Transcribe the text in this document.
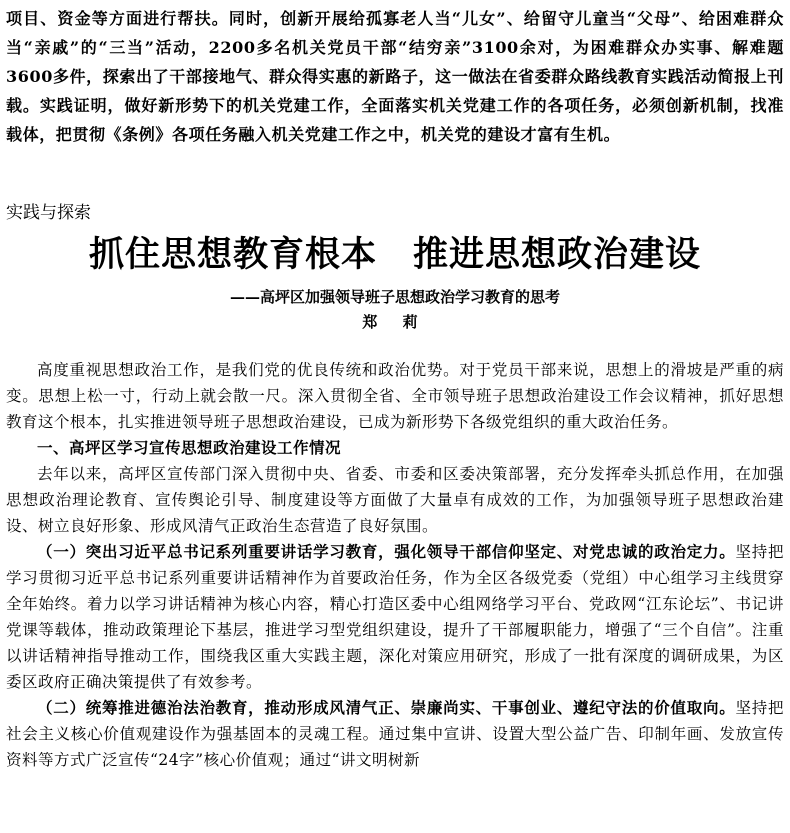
项目、资金等方面进行帮扶。同时，创新开展给孤寡老人当“儿女”、给留守儿童当“父母”、给困难群众当“亲戚”的“三当”活动，2200多名机关党员干部“结穷亲”3100余对，为困难群众办实事、解难题3600多件，探索出了干部接地气、群众得实惠的新路子，这一做法在省委群众路线教育实践活动简报上刊载。实践证明，做好新形势下的机关党建工作，全面落实机关党建工作的各项任务，必须创新机制，找准载体，把贯彻《条例》各项任务融入机关党建工作之中，机关党的建设才富有生机。
实践与探索
抓住思想教育根本　推进思想政治建设
——高坪区加强领导班子思想政治学习教育的思考
郑 莉

高度重视思想政治工作，是我们党的优良传统和政治优势。对于党员干部来说，思想上的滑坡是严重的病变。思想上松一寸，行动上就会散一尺。深入贯彻全省、全市领导班子思想政治建设工作会议精神，抓好思想教育这个根本，扎实推进领导班子思想政治建设，已成为新形势下各级党组织的重大政治任务。

一、高坪区学习宣传思想政治建设工作情况

去年以来，高坪区宣传部门深入贯彻中央、省委、市委和区委决策部署，充分发挥牵头抓总作用，在加强思想政治理论教育、宣传舆论引导、制度建设等方面做了大量卓有成效的工作，为加强领导班子思想政治建设、树立良好形象、形成风清气正政治生态营造了良好氛围。

（一）突出习近平总书记系列重要讲话学习教育，强化领导干部信仰坚定、对党忠诚的政治定力。坚持把学习贯彻习近平总书记系列重要讲话精神作为首要政治任务，作为全区各级党委（党组）中心组学习主线贯穿全年始终。着力以学习讲话精神为核心内容，精心打造区委中心组网络学习平台、党政网“江东论坛”、书记讲党课等载体，推动政策理论下基层，推进学习型党组织建设，提升了干部履职能力，增强了“三个自信”。注重以讲话精神指导推动工作，围绕我区重大实践主题，深化对策应用研究，形成了一批有深度的调研成果，为区委区政府正确决策提供了有效参考。

（二）统筹推进德治法治教育，推动形成风清气正、崇廉尚实、干事创业、遵纪守法的价值取向。坚持把社会主义核心价值观建设作为强基固本的灵魂工程。通过集中宣讲、设置大型公益广告、印制年画、发放宣传资料等方式广泛宣传“24字”核心价值观；通过“讲文明树新
